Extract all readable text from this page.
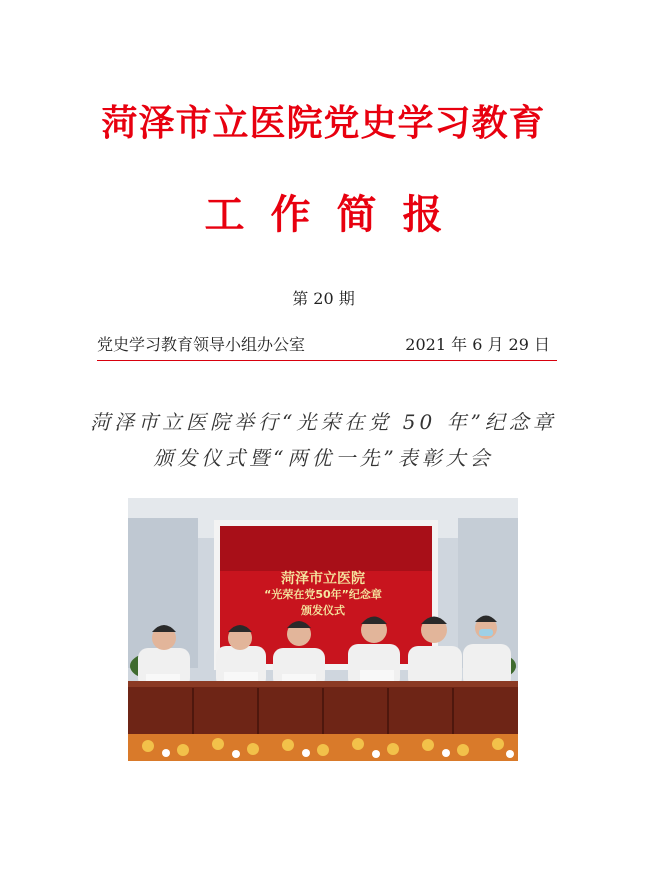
菏泽市立医院党史学习教育
工作简报
第 20 期
党史学习教育领导小组办公室	2021 年 6 月 29 日
菏泽市立医院举行“光荣在党 50 年”纪念章
颁发仪式暨“两优一先”表彰大会
菏泽市立医院
“光荣在党50年”纪念章
颁发仪式
